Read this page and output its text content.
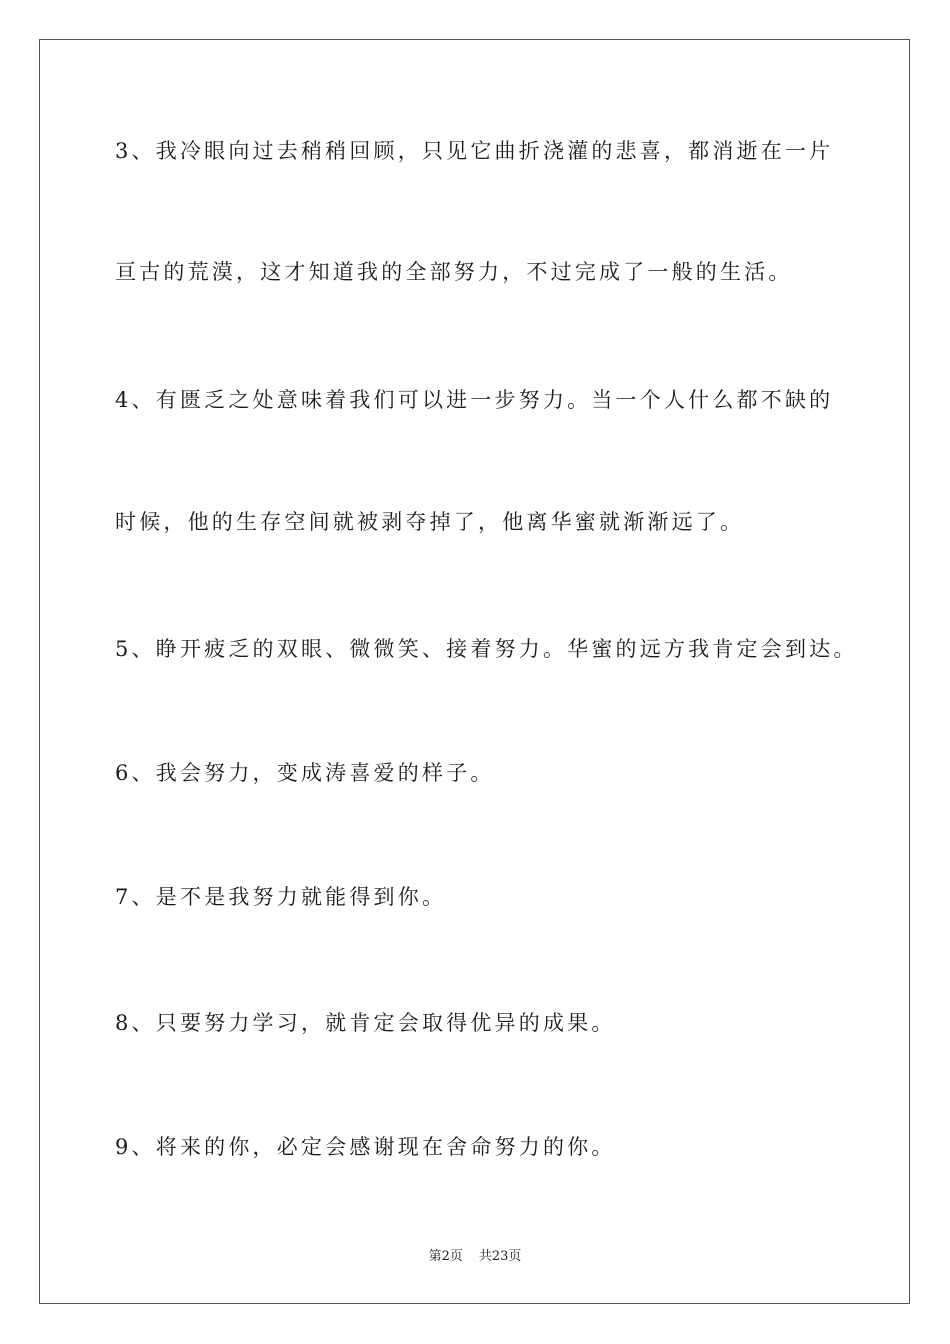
3、我冷眼向过去稍稍回顾，只见它曲折浇灌的悲喜，都消逝在一片
亘古的荒漠，这才知道我的全部努力，不过完成了一般的生活。
4、有匮乏之处意味着我们可以进一步努力。当一个人什么都不缺的
时候，他的生存空间就被剥夺掉了，他离华蜜就渐渐远了。
5、睁开疲乏的双眼、微微笑、接着努力。华蜜的远方我肯定会到达。
6、我会努力，变成涛喜爱的样子。
7、是不是我努力就能得到你。
8、只要努力学习，就肯定会取得优异的成果。
9、将来的你，必定会感谢现在舍命努力的你。
第2页 共23页
